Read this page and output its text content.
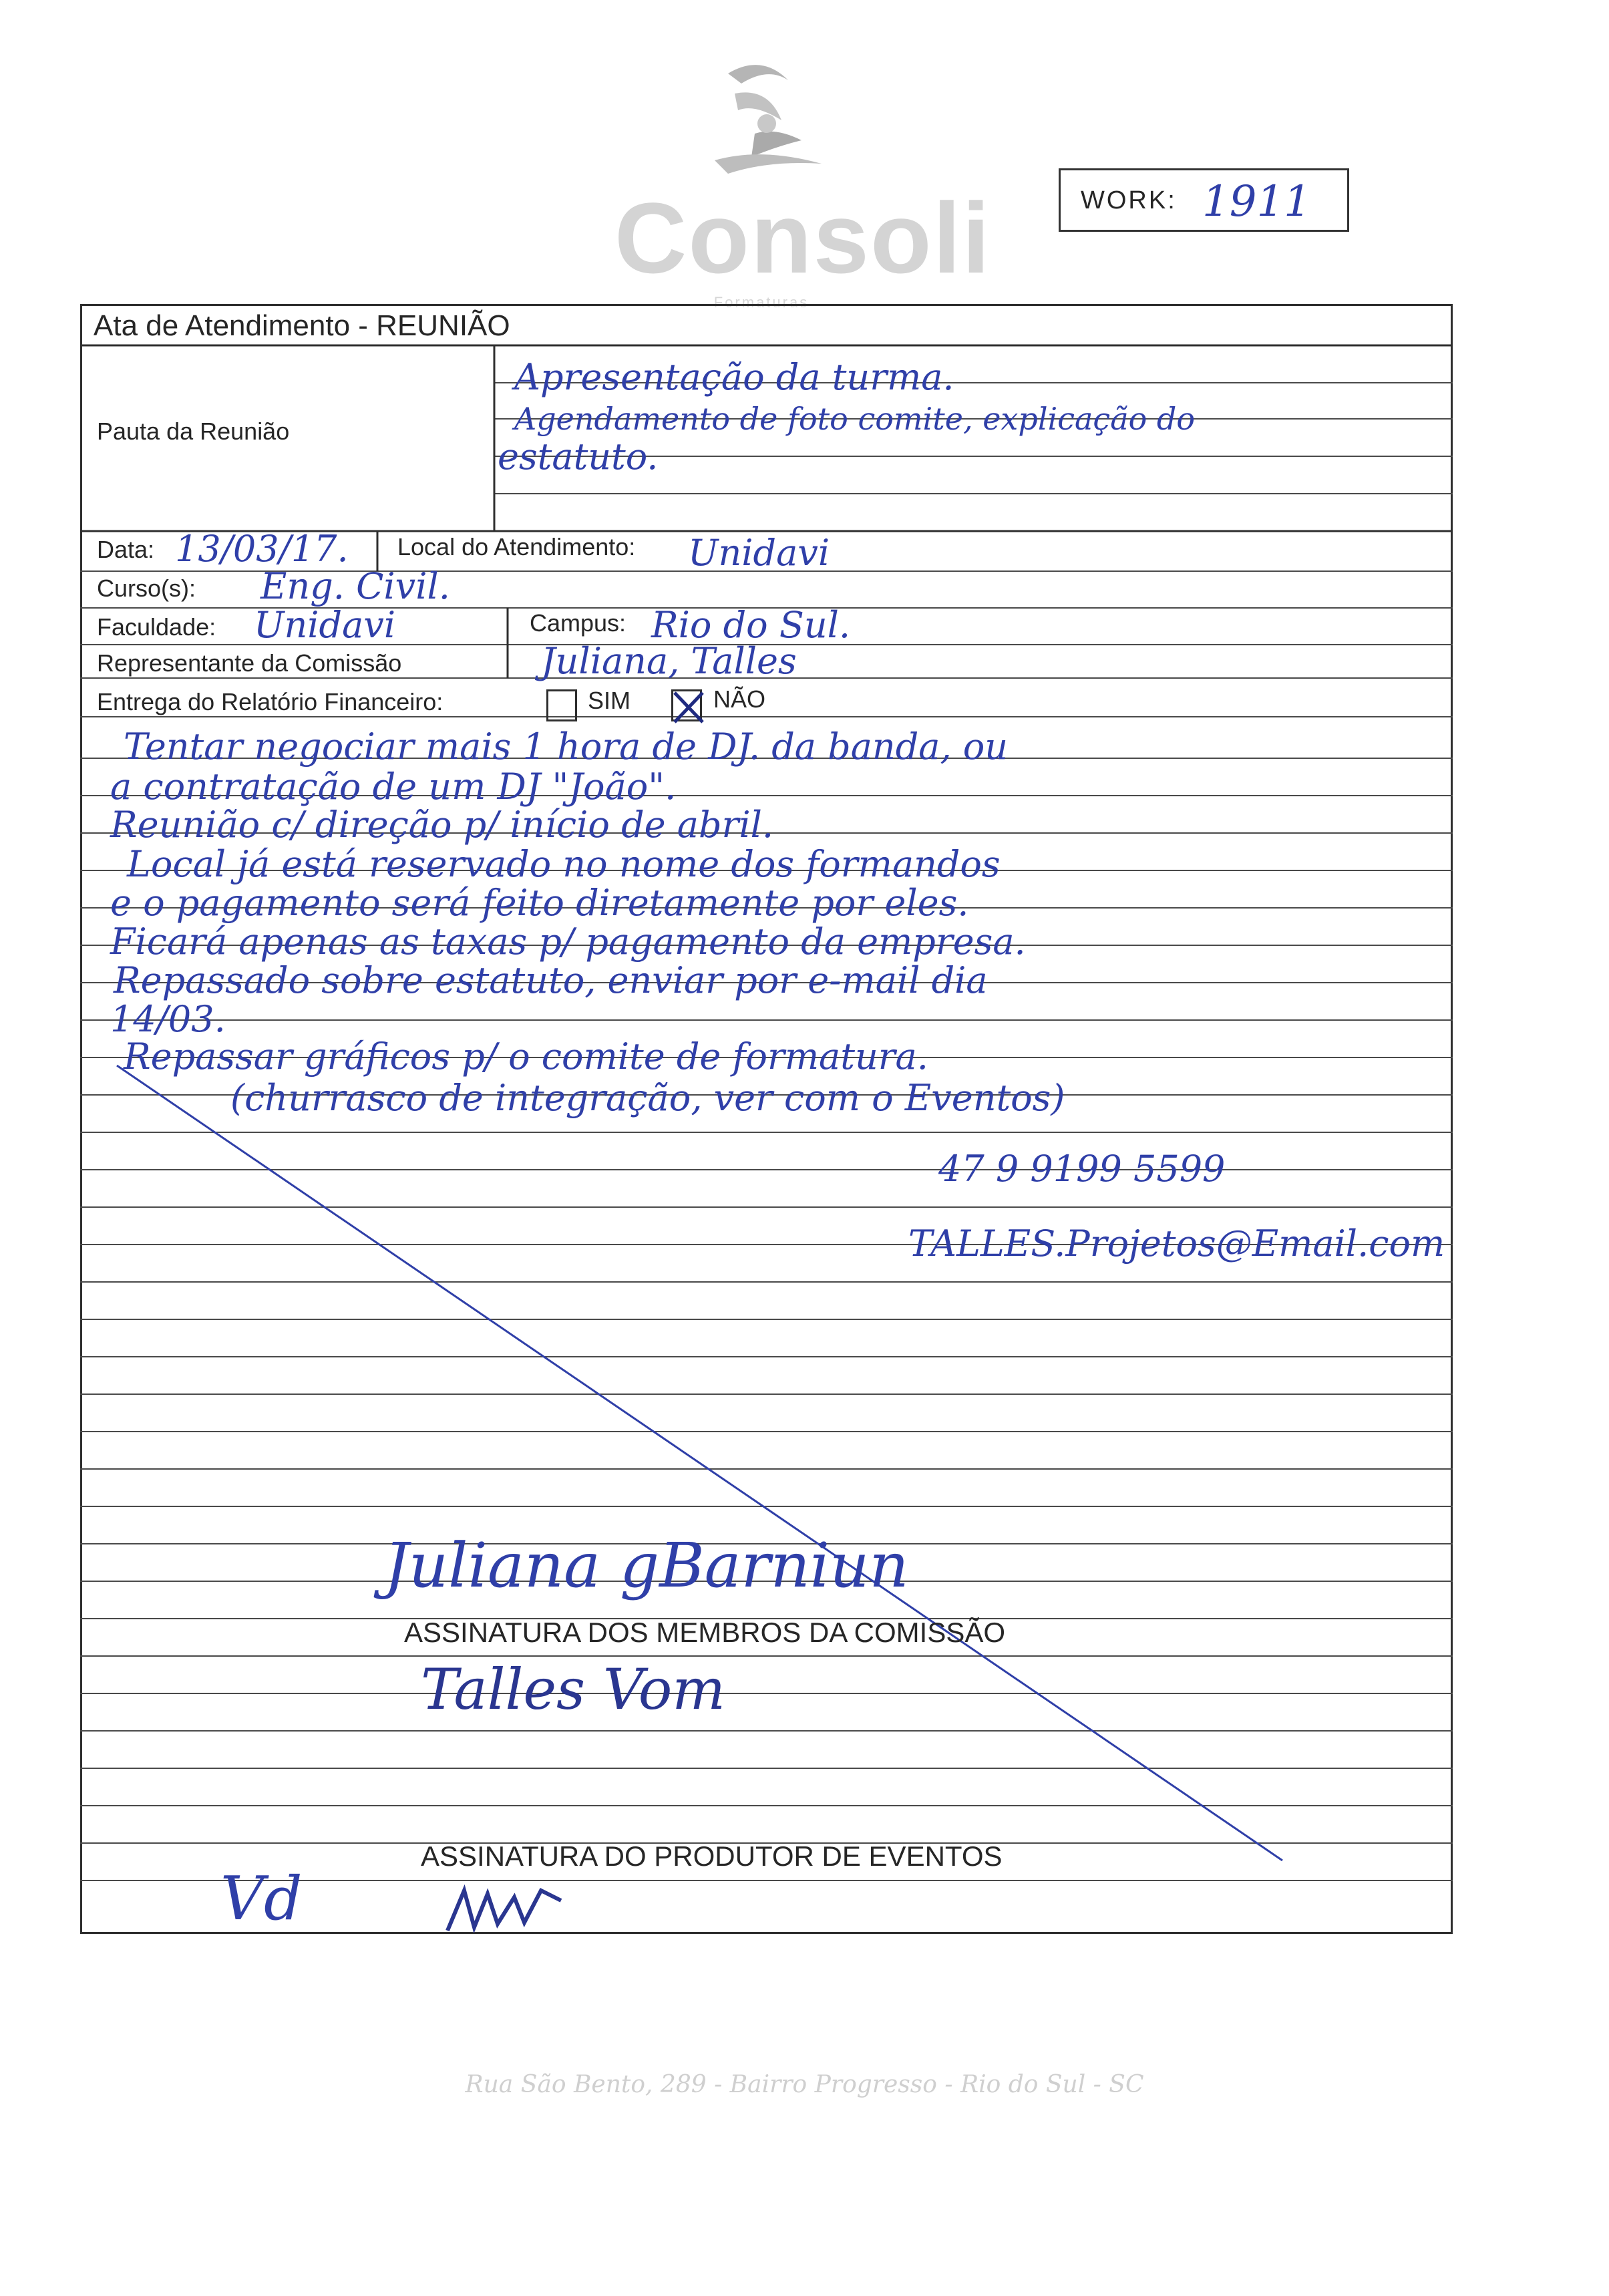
Consoli
Formaturas
WORK: 1911
Ata de Atendimento - REUNIÃO
Pauta da Reunião
Apresentação da turma.
Agendamento de foto comite, explicação do
estatuto.
Data: 13/03/17. Local do Atendimento: Unidavi
Curso(s): Eng. Civil.
Faculdade: Unidavi	Campus: Rio do Sul.
Representante da Comissão	Juliana, Talles
Entrega do Relatório Financeiro:	SIM	NÃO
Tentar negociar mais 1 hora de DJ. da banda, ou
a contratação de um DJ "João".
Reunião c/ direção p/ início de abril.
Local já está reservado no nome dos formandos
e o pagamento será feito diretamente por eles.
Ficará apenas as taxas p/ pagamento da empresa.
Repassado sobre estatuto, enviar por e-mail dia
14/03.
Repassar gráficos p/ o comite de formatura.
(churrasco de integração, ver com o Eventos)
47 9 9199 5599
TALLES.Projetos@Email.com
Juliana gBarniun
ASSINATURA DOS MEMBROS DA COMISSÃO
Talles Vom
ASSINATURA DO PRODUTOR DE EVENTOS
Vd
Rua São Bento, 289 - Bairro Progresso - Rio do Sul - SC
